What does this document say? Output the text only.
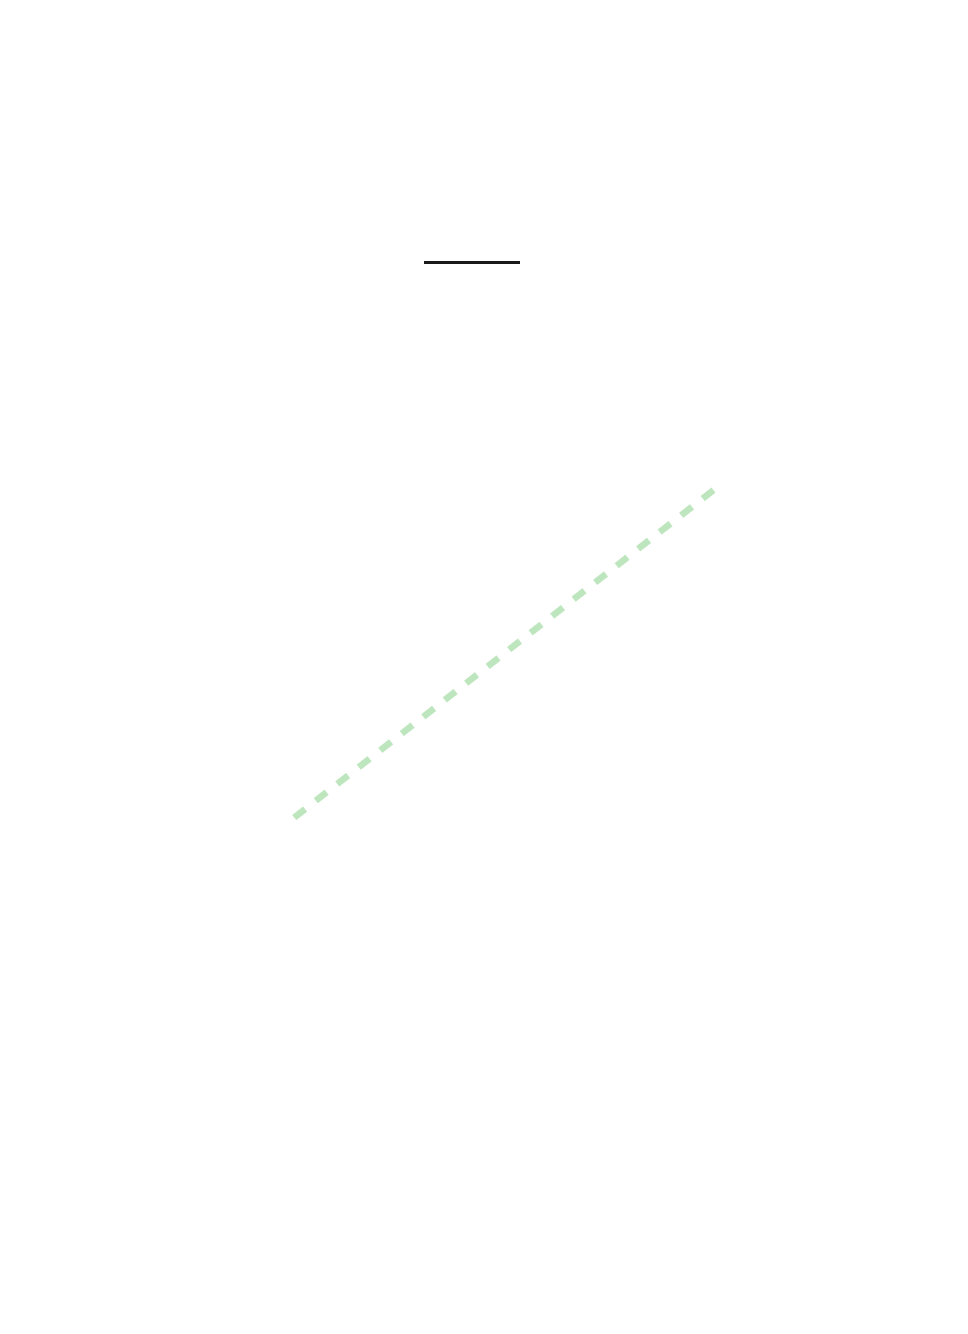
▬ ▬ ▬ ▬ ▬ ▬ ▬ ▬ ▬ ▬ ▬ ▬ ▬ ▬ ▬ ▬ ▬ ▬ ▬ ▬
